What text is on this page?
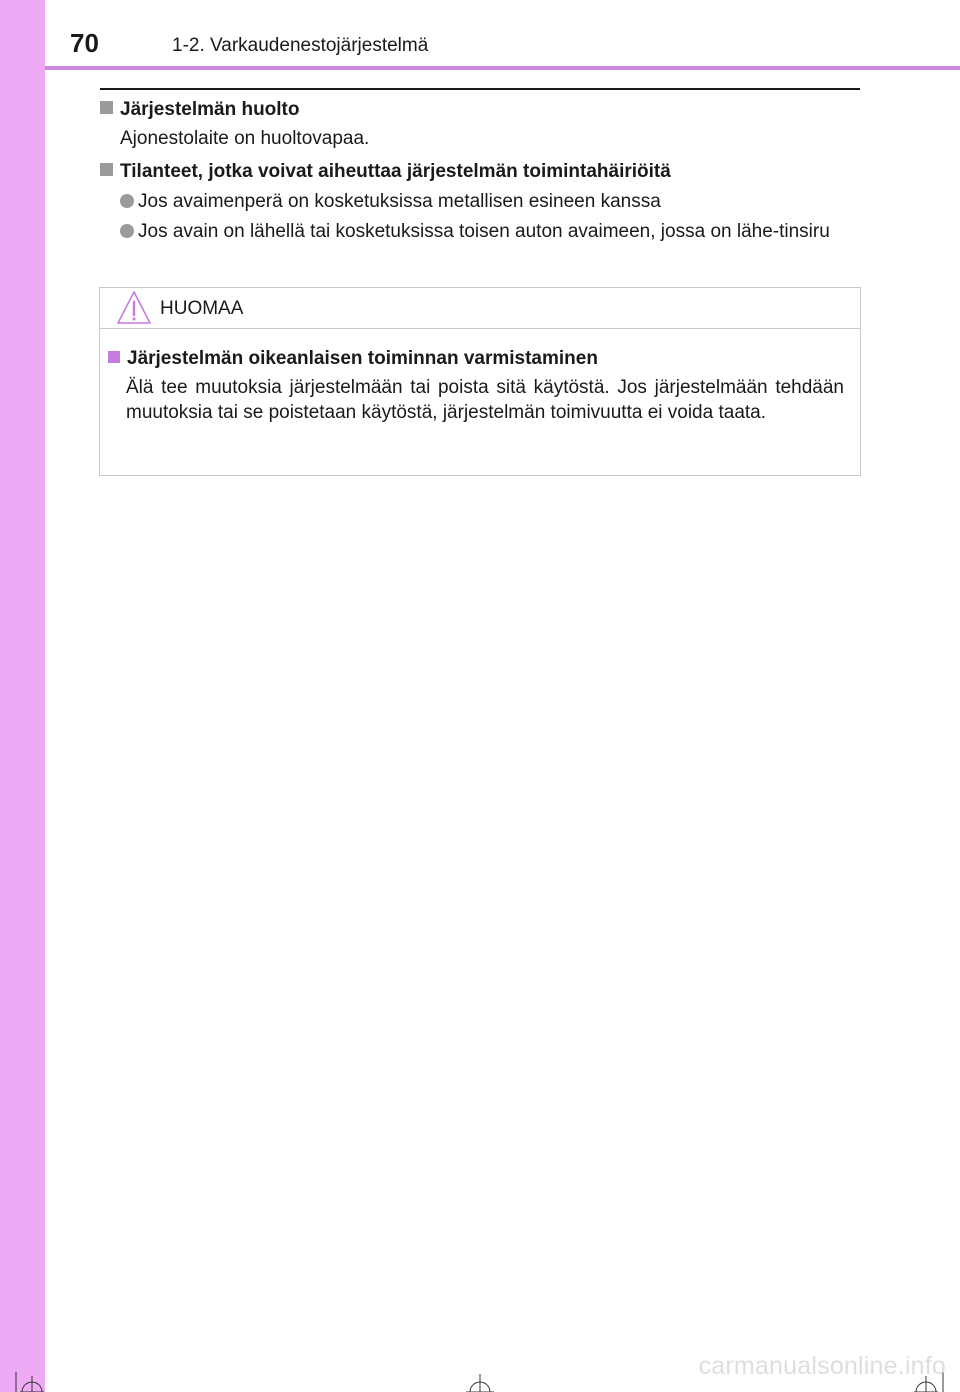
70	1-2. Varkaudenestojärjestelmä
Järjestelmän huolto
Ajonestolaite on huoltovapaa.
Tilanteet, jotka voivat aiheuttaa järjestelmän toimintahäiriöitä
Jos avaimenperä on kosketuksissa metallisen esineen kanssa
Jos avain on lähellä tai kosketuksissa toisen auton avaimeen, jossa on lähe-tinsiru
HUOMAA
Järjestelmän oikeanlaisen toiminnan varmistaminen
Älä tee muutoksia järjestelmään tai poista sitä käytöstä. Jos järjestelmään tehdään muutoksia tai se poistetaan käytöstä, järjestelmän toimivuutta ei voida taata.
carmanualsonline.info
